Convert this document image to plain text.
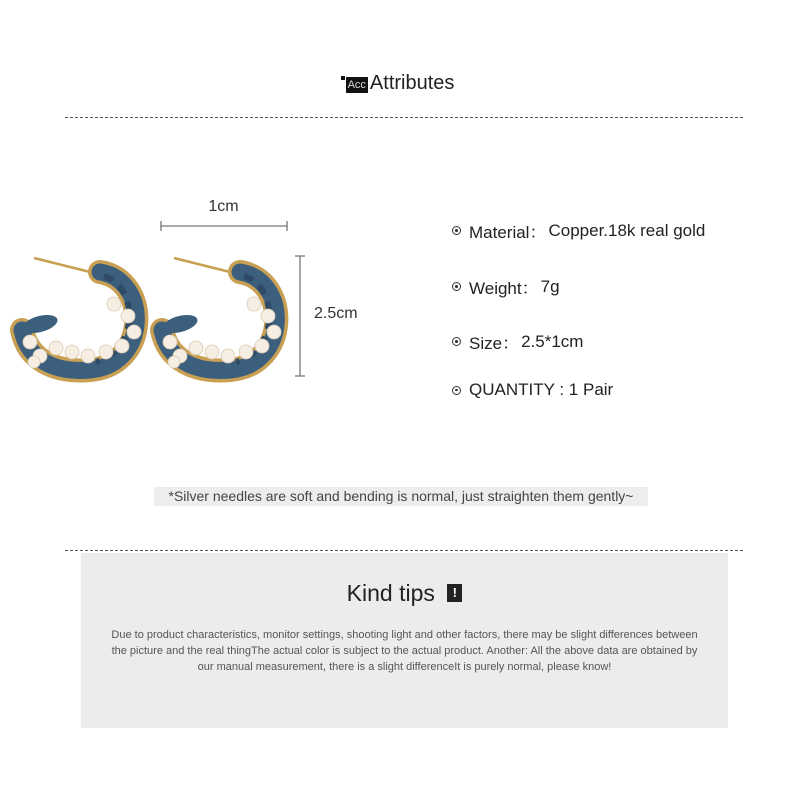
Acc Attributes
1cm
2.5cm
Material： Copper.18k real gold
Weight： 7g
Size： 2.5*1cm
QUANTITY : 1 Pair
*Silver needles are soft and bending is normal, just straighten them gently~
Kind tips !
Due to product characteristics, monitor settings, shooting light and other factors, there may be slight differences between the picture and the real thingThe actual color is subject to the actual product. Another: All the above data are obtained by our manual measurement, there is a slight differenceIt is purely normal, please know!
